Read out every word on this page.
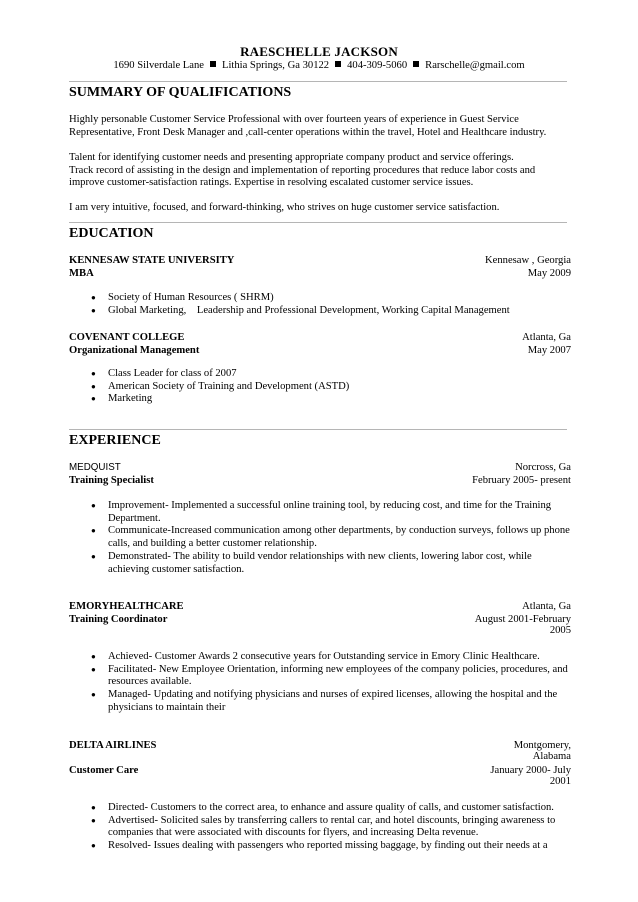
RAESCHELLE JACKSON
1690 Silverdale Lane Lithia Springs, Ga 30122 404-309-5060 Rarschelle@gmail.com
SUMMARY OF QUALIFICATIONS
Highly personable Customer Service Professional with over fourteen years of experience in Guest Service
Representative, Front Desk Manager and ,call-center operations within the travel, Hotel and Healthcare industry.
Talent for identifying customer needs and presenting appropriate company product and service offerings.
Track record of assisting in the design and implementation of reporting procedures that reduce labor costs and
improve customer-satisfaction ratings. Expertise in resolving escalated customer service issues.
I am very intuitive, focused, and forward-thinking, who strives on huge customer service satisfaction.
EDUCATION
KENNESAW STATE UNIVERSITY	Kennesaw , Georgia
MBA	May 2009
● Society of Human Resources ( SHRM)
● Global Marketing,    Leadership and Professional Development, Working Capital Management
COVENANT COLLEGE	Atlanta, Ga
Organizational Management	May 2007
● Class Leader for class of 2007
● American Society of Training and Development (ASTD)
● Marketing
EXPERIENCE
MEDQUIST	Norcross, Ga
Training Specialist	February 2005- present
● Improvement- Implemented a successful online training tool, by reducing cost, and time for the Training
Department.
● Communicate-Increased communication among other departments, by conduction surveys, follows up phone
calls, and building a better customer relationship.
● Demonstrated- The ability to build vendor relationships with new clients, lowering labor cost, while
achieving customer satisfaction.
EMORYHEALTHCARE	Atlanta, Ga
Training Coordinator	August 2001-February
2005
● Achieved- Customer Awards 2 consecutive years for Outstanding service in Emory Clinic Healthcare.
● Facilitated- New Employee Orientation, informing new employees of the company policies, procedures, and
resources available.
● Managed- Updating and notifying physicians and nurses of expired licenses, allowing the hospital and the
physicians to maintain their
DELTA AIRLINES	Montgomery,
Alabama
Customer Care	January 2000- July
2001
● Directed- Customers to the correct area, to enhance and assure quality of calls, and customer satisfaction.
● Advertised- Solicited sales by transferring callers to rental car, and hotel discounts, bringing awareness to
companies that were associated with discounts for flyers, and increasing Delta revenue.
● Resolved- Issues dealing with passengers who reported missing baggage, by finding out their needs at a
